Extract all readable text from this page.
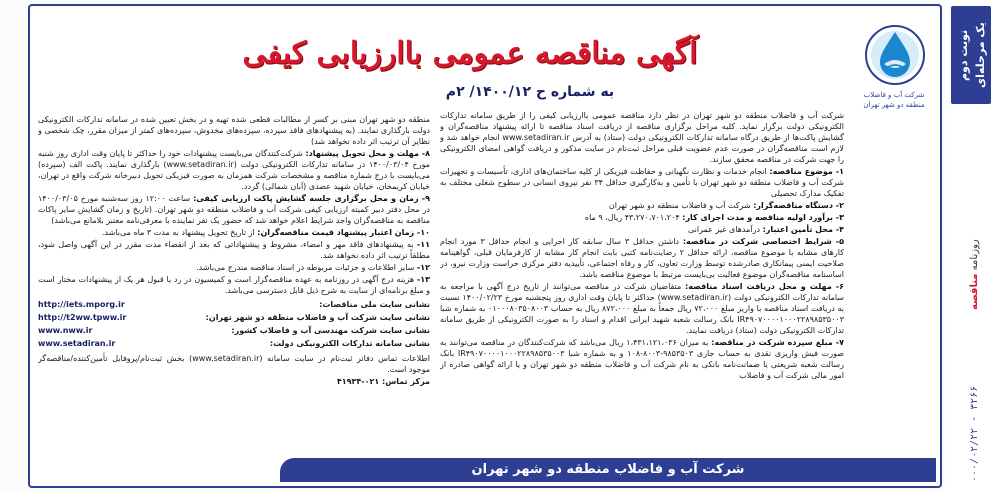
شرکت آب و فاضلاب
منطقه دو شهر تهران
آگهی مناقصه عمومی باارزیابی کیفی
به شماره ح ۱۴۰۰/۱۲/ ۲م

شرکت آب و فاضلاب منطقه دو شهر تهران در نظر دارد مناقصه عمومی باارزیابی کیفی را از طریق سامانه تدارکات الکترونیکی دولت برگزار نماید. کلیه مراحل برگزاری مناقصه از دریافت اسناد مناقصه تا ارائه پیشنهاد مناقصه‌گران و گشایش پاکت‌ها از طریق درگاه سامانه تدارکات الکترونیکی دولت (ستاد) به آدرس www.setadiran.ir انجام خواهد شد و لازم است مناقصه‌گران در صورت عدم عضویت قبلی مراحل ثبت‌نام در سایت مذکور و دریافت گواهی امضای الکترونیکی را جهت شرکت در مناقصه محقق سازند.

۱- موضوع مناقصه: انجام خدمات و نظارت نگهبانی و حفاظت فیزیکی از کلیه ساختمان‌های اداری، تأسیسات و تجهیزات شرکت آب و فاضلاب منطقه دو شهر تهران با تأمین و به‌کارگیری حداقل ۳۴ نفر نیروی انسانی در سطوح شغلی مختلف به تفکیک مدارک تحصیلی

۲- دستگاه مناقصه‌گزار: شرکت آب و فاضلاب منطقه دو شهر تهران

۳- برآورد اولیه مناقصه و مدت اجرای کار: ۴۳،۲۷۰،۷۰۱،۲۰۴ ریال، ۹ ماه

۴- محل تأمین اعتبار: درآمدهای غیر عمرانی

۵- شرایط اختصاصی شرکت در مناقصه: داشتن حداقل ۳ سال سابقه کار اجرایی و انجام حداقل ۳ مورد انجام کارهای مشابه با موضوع مناقصه، ارائه حداقل ۲ رضایت‌نامه کتبی بابت انجام کار مشابه از کارفرمایان قبلی، گواهینامه صلاحیت ایمنی پیمانکاری صادرشده توسط وزارت تعاون، کار و رفاه اجتماعی، تأییدیه دفتر مرکزی حراست وزارت نیرو، در اساسنامه مناقصه‌گران موضوع فعالیت بی‌بایست مرتبط با موضوع مناقصه باشد.

۶- مهلت و محل دریافت اسناد مناقصه: متقاضیان شرکت در مناقصه می‌توانند از تاریخ درج آگهی با مراجعه به سامانه تدارکات الکترونیکی دولت (www.setadiran.ir) حداکثر تا پایان وقت اداری روز پنجشنبه مورخ ۱۴۰۰/۰۲/۲۳ نسبت به دریافت اسناد مناقصه با واریز مبلغ ۷۲،۰۰۰ ریال جمعاً به مبلغ ۸۷۲،۰۰۰ ریال به حساب ۰۱۰۰۰۸۰۳۵۰۸۰۰۳ به شماره شبا IR۴۹۰۷۰۰۰۰۱۰۰۰۲۲۸۹۸۵۳۵۰۰۳ بانک رسالت شعبه شهید ایرانی اقدام و اسناد را به صورت الکترونیکی از طریق سامانه تدارکات الکترونیکی دولت (ستاد) دریافت نمایند.

۷- مبلغ سپرده شرکت در مناقصه: به میزان ۱،۴۳۱،۱۲۱،۰۳۶ ریال می‌باشد که شرکت‌کنندگان در مناقصه می‌توانند به صورت فیش واریزی نقدی به حساب جاری ۹۸۵۳۵۰۳-۸۰۰۳-۱۰۸ و به شماره شبا IR۴۹۰۷۰۰۰۰۱۰۰۰۲۲۸۹۸۵۳۵۰۰۳ بانک رسالت شعبه شریعتی یا ضمانت‌نامه بانکی به نام شرکت آب و فاضلاب منطقه دو شهر تهران و یا ارائه گواهی صادره از امور مالی شرکت آب و فاضلاب

منطقه دو شهر تهران مبنی بر کسر از مطالبات قطعی شده تهیه و در بخش تعیین شده در سامانه تدارکات الکترونیکی دولت بارگذاری نمایند. (به پیشنهادهای فاقد سپرده، سپرده‌های مخدوش، سپرده‌های کمتر از میزان مقرر، چک شخصی و نظایر آن ترتیب اثر داده نخواهد شد)

۸- مهلت و محل تحویل پیشنهاد: شرکت‌کنندگان می‌بایست پیشنهادات خود را حداکثر تا پایان وقت اداری روز شنبه مورخ ۱۴۰۰/۰۳/۰۴ در سامانه تدارکات الکترونیکی دولت (www.setadiran.ir) بارگذاری نمایند. پاکت الف (سپرده) می‌بایست با درج شماره مناقصه و مشخصات شرکت همزمان به صورت فیزیکی تحویل دبیرخانه شرکت واقع در تهران، خیابان کریمخان، خیابان شهید عضدی (آبان شمالی) گردد.

۹- زمان و محل برگزاری جلسه گشایش پاکت ارزیابی کیفی: ساعت ۱۲:۰۰ روز سه‌شنبه مورخ ۱۴۰۰/۰۳/۰۵ در محل دفتر دبیر کمیته ارزیابی کیفی شرکت آب و فاضلاب منطقه دو شهر تهران. (تاریخ و زمان گشایش سایر پاکات مناقصه به مناقصه‌گران واجد شرایط اعلام خواهد شد که حضور یک نفر نماینده با معرفی‌نامه معتبر بلامانع می‌باشد)

۱۰- زمان اعتبار پیشنهاد قیمت مناقصه‌گران: از تاریخ تحویل پیشنهاد به مدت ۳ ماه می‌باشد.

۱۱- به پیشنهادهای فاقد مهر و امضاء، مشروط و پیشنهاداتی که بعد از انقضاء مدت مقرر در این آگهی واصل شود، مطلقاً ترتیب اثر داده نخواهد شد.

۱۲- سایر اطلاعات و جزئیات مربوطه در اسناد مناقصه مندرج می‌باشد.

۱۳- هزینه درج آگهی در روزنامه به عهده مناقصه‌گزار است و کمیسیون در رد یا قبول هر یک از پیشنهادات مختار است و مبلغ برنامه‌ای از سایت به شرح ذیل قابل دسترسی می‌باشد.

نشانی سایت ملی مناقصات:
http://iets.mporg.ir
نشانی سایت شرکت آب و فاضلاب منطقه دو شهر تهران:
http://t2ww.tpww.ir
نشانی سایت شرکت مهندسی آب و فاضلاب کشور:
www.nww.ir
نشانی سامانه تدارکات الکترونیکی دولت:
www.setadiran.ir

اطلاعات تماس دفاتر ثبت‌نام در سایت سامانه (www.setadiran.ir) بخش ثبت‌نام/پروفایل تأمین‌کننده/مناقصه‌گر موجود است.

مرکز تماس: ۰۲۱-۴۱۹۳۴

شرکت آب و فاضلاب منطقه دو شهر تهران
یک مرحله‌ای
نوبت دوم
روزنامه مناقصه
۰۰۰/۰۲/۲۲ - ۳۲۶۶
